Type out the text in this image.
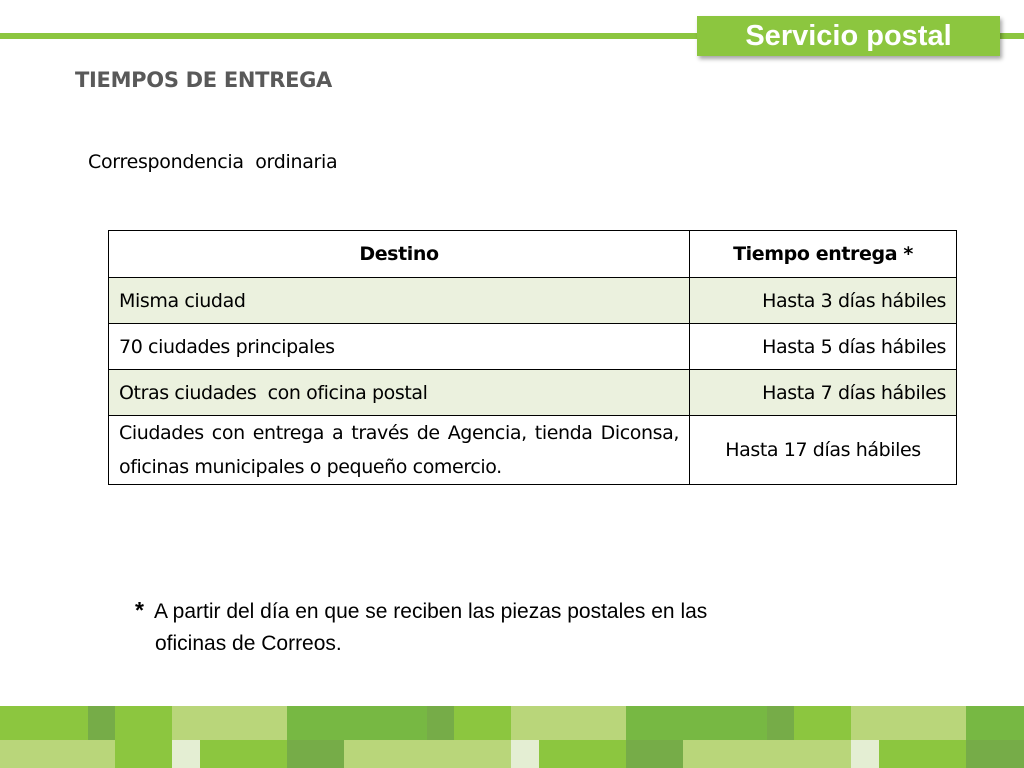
Servicio postal
TIEMPOS DE ENTREGA
Correspondencia  ordinaria
Destino	Tiempo entrega *
Misma ciudad	Hasta 3 días hábiles
70 ciudades principales	Hasta 5 días hábiles
Otras ciudades  con oficina postal	Hasta 7 días hábiles
Ciudades con entrega a través de Agencia, tienda Diconsa, oficinas municipales o pequeño comercio.	Hasta 17 días hábiles
* A partir del día en que se reciben las piezas postales en las
oficinas de Correos.
